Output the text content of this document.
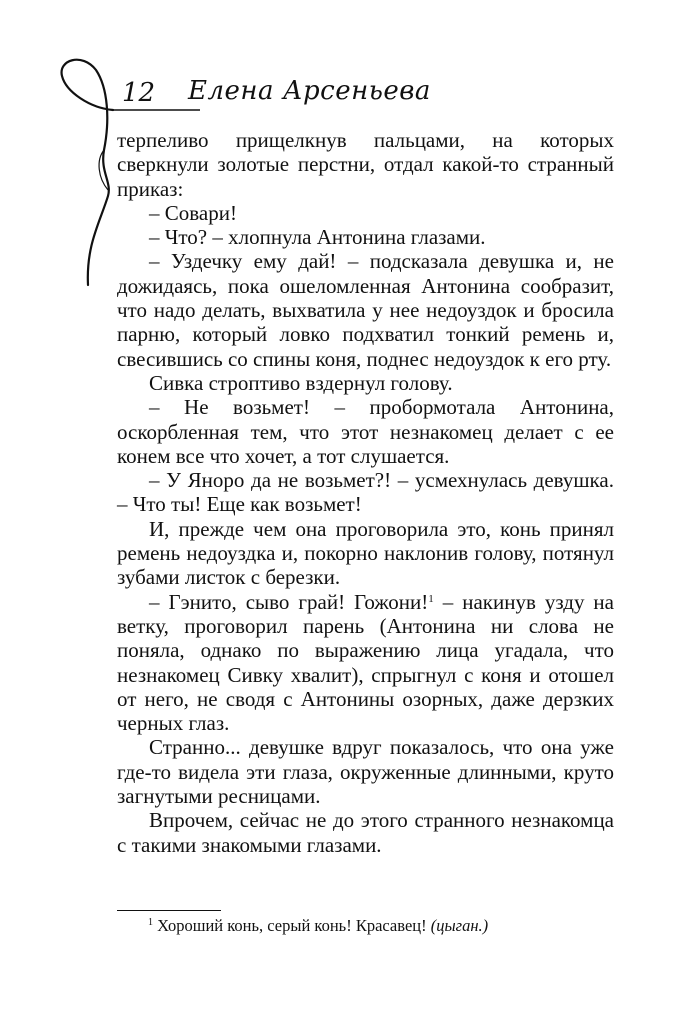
12 Елена Арсеньева

терпеливо прищелкнув пальцами, на которых сверкнули золотые перстни, отдал какой-то странный приказ:

– Совари!

– Что? – хлопнула Антонина глазами.

– Уздечку ему дай! – подсказала девушка и, не дожидаясь, пока ошеломленная Антонина сообразит, что надо делать, выхватила у нее недоуздок и бросила парню, который ловко подхватил тонкий ремень и, свесившись со спины коня, поднес недоуздок к его рту.

Сивка строптиво вздернул голову.

– Не возьмет! – пробормотала Антонина, оскорбленная тем, что этот незнакомец делает с ее конем все что хочет, а тот слушается.

– У Яноро да не возьмет?! – усмехнулась девушка. – Что ты! Еще как возьмет!

И, прежде чем она проговорила это, конь принял ремень недоуздка и, покорно наклонив голову, потянул зубами листок с березки.

– Гэнито, сыво грай! Гожони!$^1$ – накинув узду на ветку, проговорил парень (Антонина ни слова не поняла, однако по выражению лица угадала, что незнакомец Сивку хвалит), спрыгнул с коня и отошел от него, не сводя с Антонины озорных, даже дерзких черных глаз.

Странно... девушке вдруг показалось, что она уже где-то видела эти глаза, окруженные длинными, круто загнутыми ресницами.

Впрочем, сейчас не до этого странного незнакомца с такими знакомыми глазами.

$^1$ Хороший конь, серый конь! Красавец! (цыган.)
